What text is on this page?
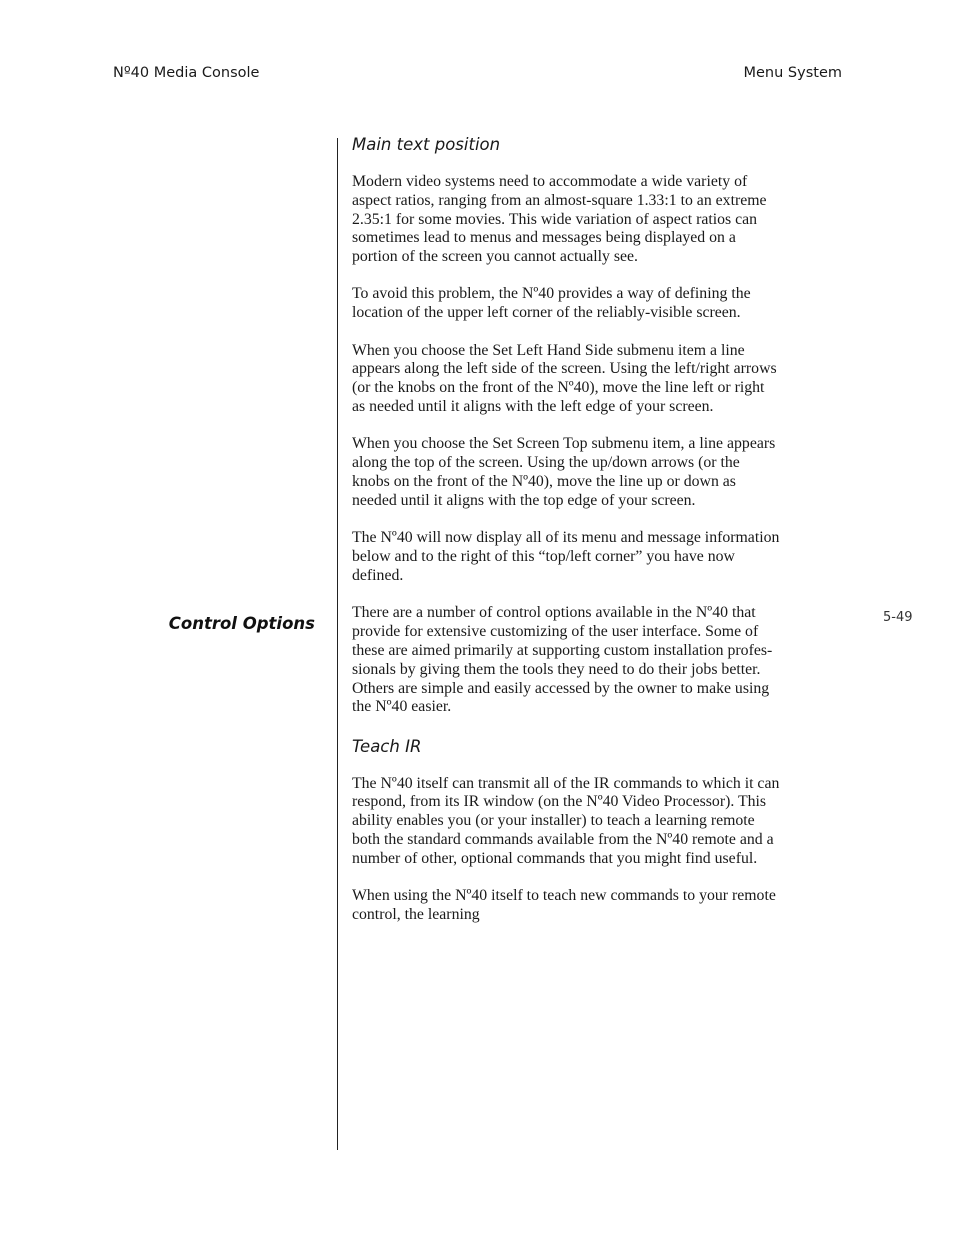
Nº40 Media Console	Menu System
Control Options	5-49
Main text position
Modern video systems need to accommodate a wide variety of
aspect ratios, ranging from an almost-square 1.33:1 to an extreme
2.35:1 for some movies. This wide variation of aspect ratios can
sometimes lead to menus and messages being displayed on a
portion of the screen you cannot actually see.
To avoid this problem, the Nº40 provides a way of defining the
location of the upper left corner of the reliably-visible screen.
When you choose the Set Left Hand Side submenu item a line
appears along the left side of the screen. Using the left/right arrows
(or the knobs on the front of the Nº40), move the line left or right
as needed until it aligns with the left edge of your screen.
When you choose the Set Screen Top submenu item, a line appears
along the top of the screen. Using the up/down arrows (or the
knobs on the front of the Nº40), move the line up or down as
needed until it aligns with the top edge of your screen.
The Nº40 will now display all of its menu and message information
below and to the right of this “top/left corner” you have now
defined.
There are a number of control options available in the Nº40 that
provide for extensive customizing of the user interface. Some of
these are aimed primarily at supporting custom installation profes-
sionals by giving them the tools they need to do their jobs better.
Others are simple and easily accessed by the owner to make using
the Nº40 easier.
Teach IR
The Nº40 itself can transmit all of the IR commands to which it can
respond, from its IR window (on the Nº40 Video Processor). This
ability enables you (or your installer) to teach a learning remote
both the standard commands available from the Nº40 remote and a
number of other, optional commands that you might find useful.
When using the Nº40 itself to teach new commands to your remote
control, the learning
